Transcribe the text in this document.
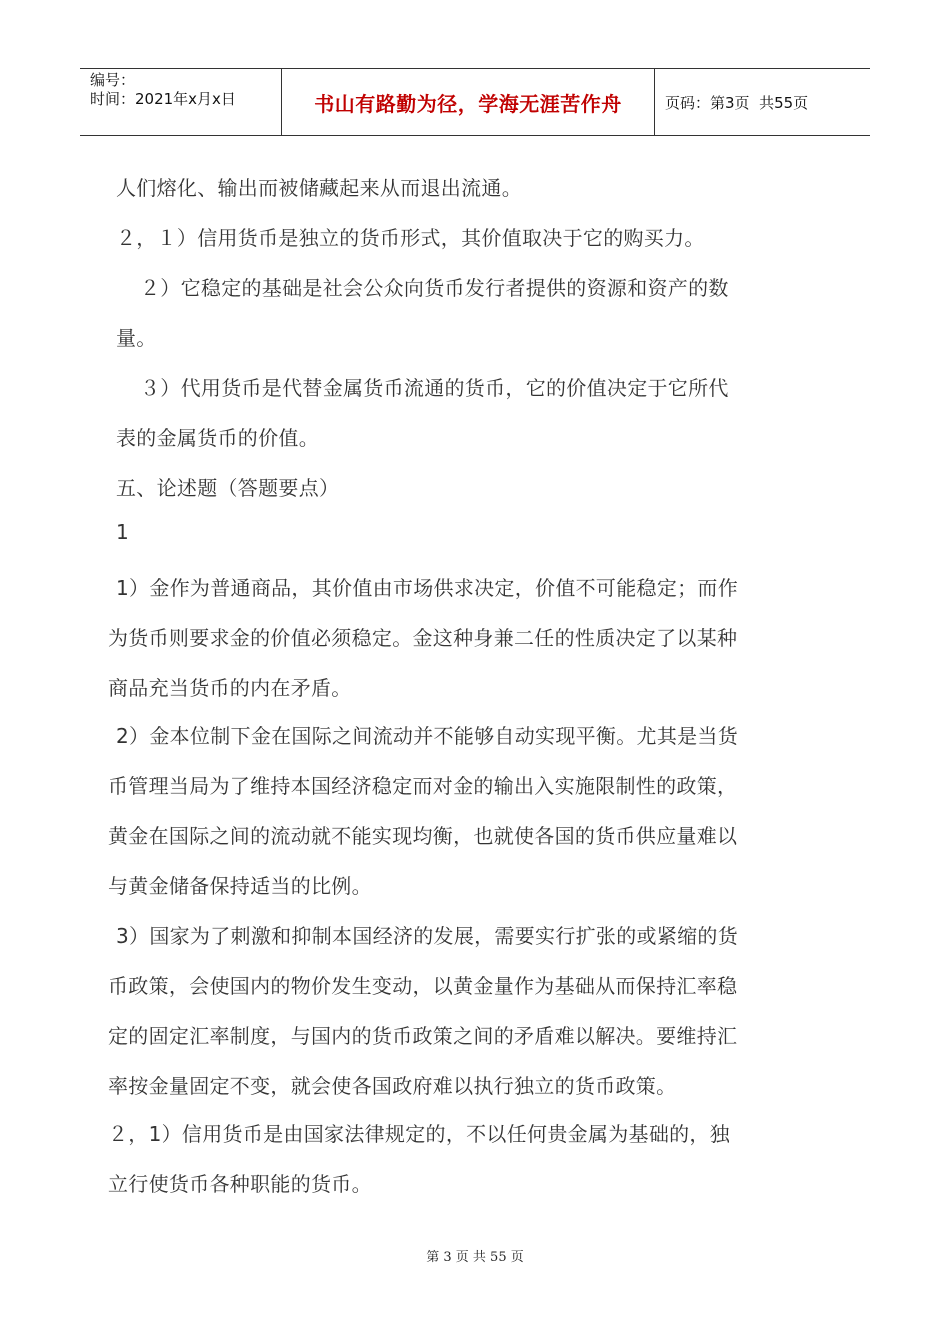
编号：
时间：2021年x月x日	书山有路勤为径，学海无涯苦作舟	页码：第3页  共55页
人们熔化、输出而被储藏起来从而退出流通。
２，１）信用货币是独立的货币形式，其价值取决于它的购买力。
２）它稳定的基础是社会公众向货币发行者提供的资源和资产的数
量。
３）代用货币是代替金属货币流通的货币，它的价值决定于它所代
表的金属货币的价值。
五、论述题（答题要点）
1
1）金作为普通商品，其价值由市场供求决定，价值不可能稳定；而作
为货币则要求金的价值必须稳定。金这种身兼二任的性质决定了以某种
商品充当货币的内在矛盾。
2）金本位制下金在国际之间流动并不能够自动实现平衡。尤其是当货
币管理当局为了维持本国经济稳定而对金的输出入实施限制性的政策，
黄金在国际之间的流动就不能实现均衡，也就使各国的货币供应量难以
与黄金储备保持适当的比例。
3）国家为了刺激和抑制本国经济的发展，需要实行扩张的或紧缩的货
币政策，会使国内的物价发生变动，以黄金量作为基础从而保持汇率稳
定的固定汇率制度，与国内的货币政策之间的矛盾难以解决。要维持汇
率按金量固定不变，就会使各国政府难以执行独立的货币政策。
２，1）信用货币是由国家法律规定的，不以任何贵金属为基础的，独
立行使货币各种职能的货币。
第 3 页 共 55 页
